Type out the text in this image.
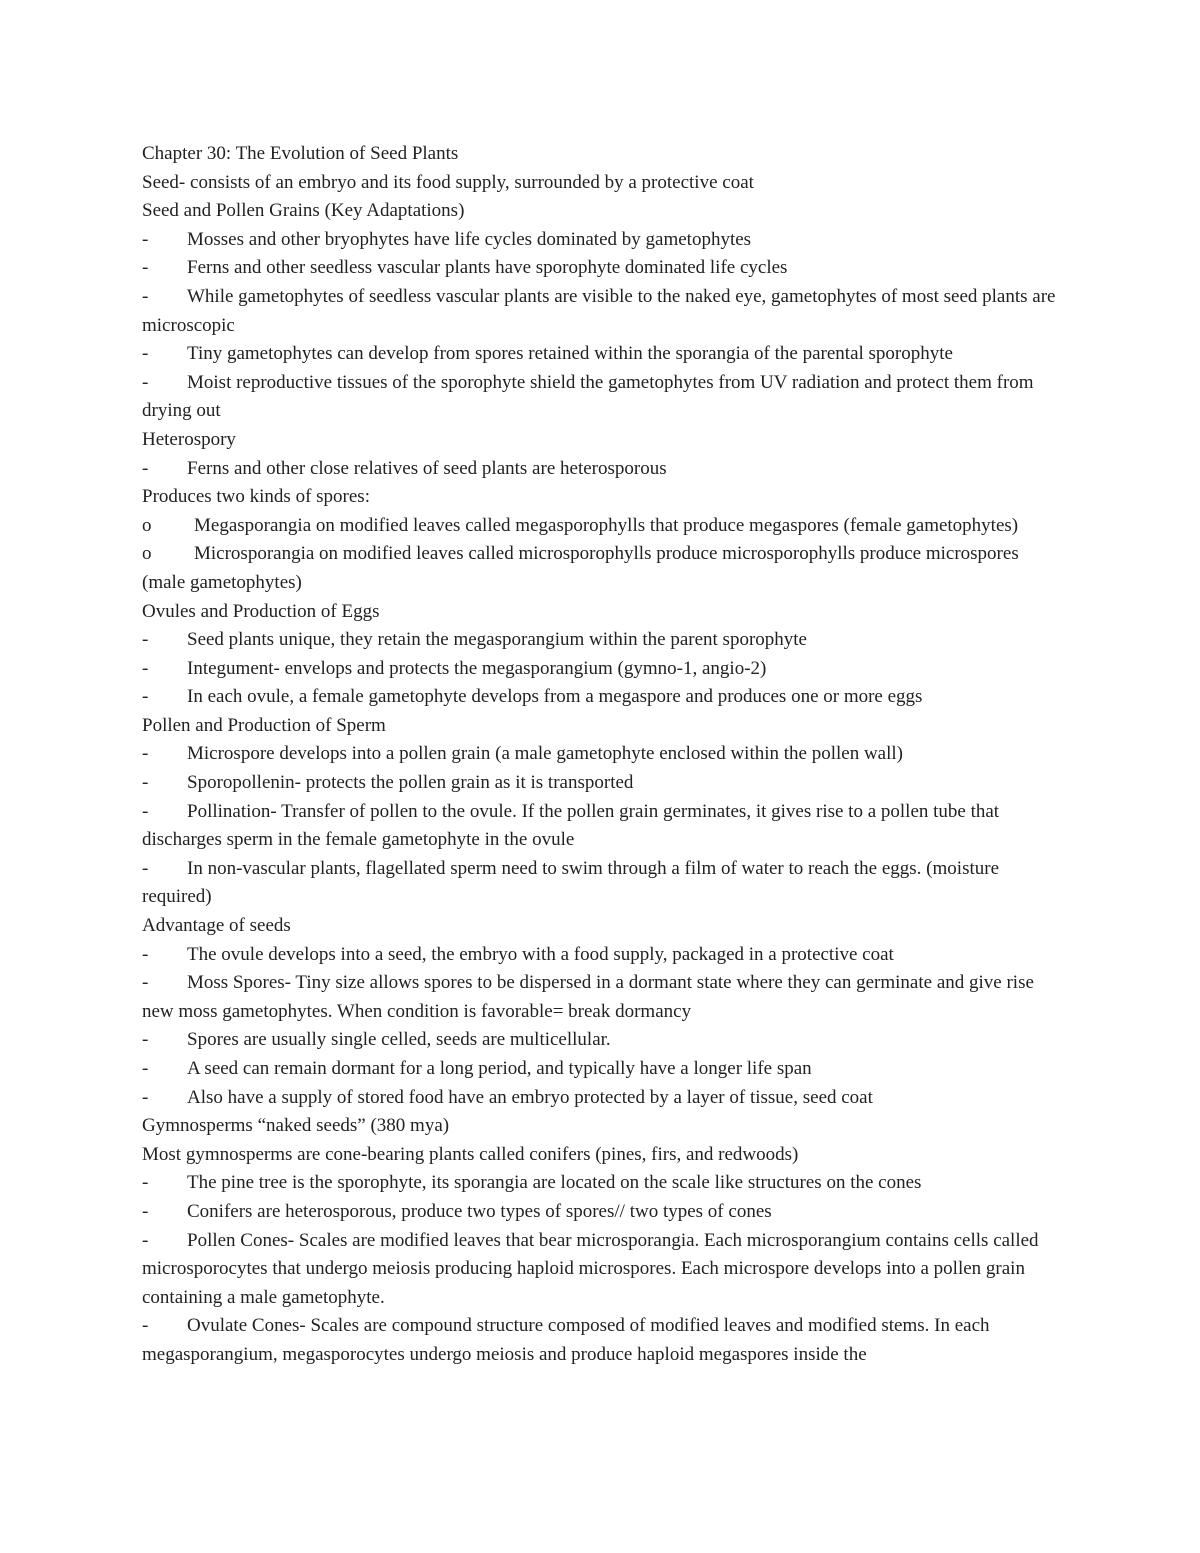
Chapter 30: The Evolution of Seed Plants
Seed- consists of an embryo and its food supply, surrounded by a protective coat
Seed and Pollen Grains (Key Adaptations)
- Mosses and other bryophytes have life cycles dominated by gametophytes
- Ferns and other seedless vascular plants have sporophyte dominated life cycles
- While gametophytes of seedless vascular plants are visible to the naked eye, gametophytes of most seed plants are microscopic
- Tiny gametophytes can develop from spores retained within the sporangia of the parental sporophyte
- Moist reproductive tissues of the sporophyte shield the gametophytes from UV radiation and protect them from drying out
Heterospory
- Ferns and other close relatives of seed plants are heterosporous
Produces two kinds of spores:
o Megasporangia on modified leaves called megasporophylls that produce megaspores (female gametophytes)
o Microsporangia on modified leaves called microsporophylls produce microsporophylls produce microspores (male gametophytes)
Ovules and Production of Eggs
- Seed plants unique, they retain the megasporangium within the parent sporophyte
- Integument- envelops and protects the megasporangium (gymno-1, angio-2)
- In each ovule, a female gametophyte develops from a megaspore and produces one or more eggs
Pollen and Production of Sperm
- Microspore develops into a pollen grain (a male gametophyte enclosed within the pollen wall)
- Sporopollenin- protects the pollen grain as it is transported
- Pollination- Transfer of pollen to the ovule. If the pollen grain germinates, it gives rise to a pollen tube that discharges sperm in the female gametophyte in the ovule
- In non-vascular plants, flagellated sperm need to swim through a film of water to reach the eggs. (moisture required)
Advantage of seeds
- The ovule develops into a seed, the embryo with a food supply, packaged in a protective coat
- Moss Spores- Tiny size allows spores to be dispersed in a dormant state where they can germinate and give rise new moss gametophytes. When condition is favorable= break dormancy
- Spores are usually single celled, seeds are multicellular.
- A seed can remain dormant for a long period, and typically have a longer life span
- Also have a supply of stored food have an embryo protected by a layer of tissue, seed coat
Gymnosperms “naked seeds” (380 mya)
Most gymnosperms are cone-bearing plants called conifers (pines, firs, and redwoods)
- The pine tree is the sporophyte, its sporangia are located on the scale like structures on the cones
- Conifers are heterosporous, produce two types of spores// two types of cones
- Pollen Cones- Scales are modified leaves that bear microsporangia. Each microsporangium contains cells called microsporocytes that undergo meiosis producing haploid microspores. Each microspore develops into a pollen grain containing a male gametophyte.
- Ovulate Cones- Scales are compound structure composed of modified leaves and modified stems. In each megasporangium, megasporocytes undergo meiosis and produce haploid megaspores inside the
